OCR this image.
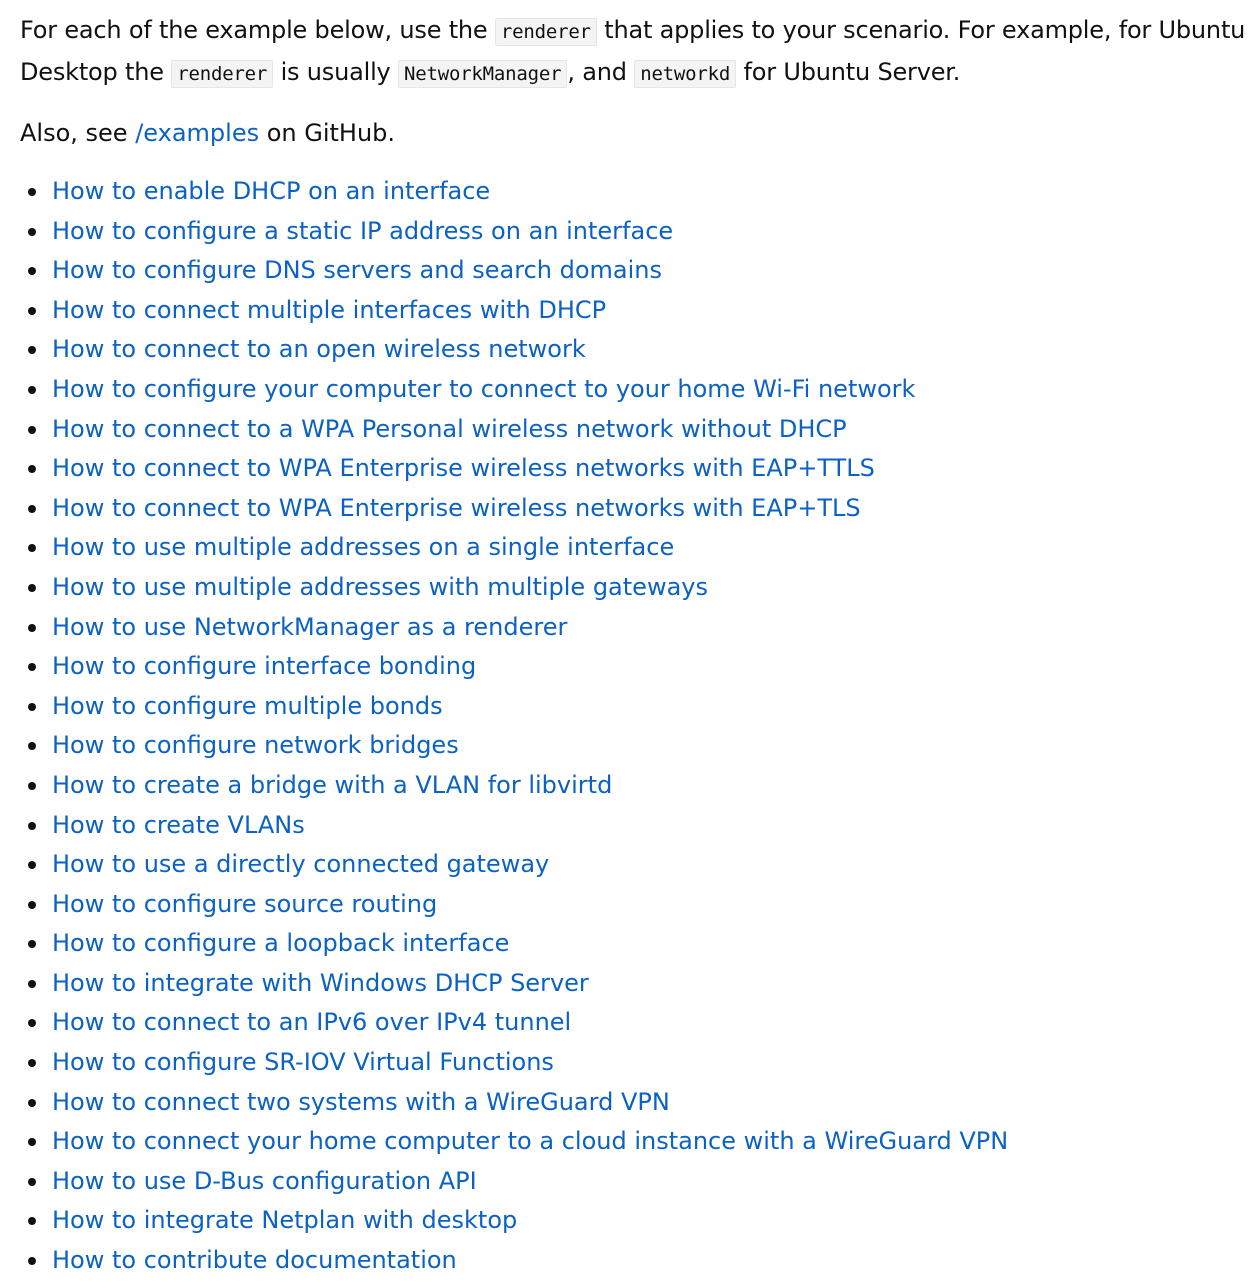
For each of the example below, use the renderer that applies to your scenario. For example, for Ubuntu
Desktop the renderer is usually NetworkManager , and networkd for Ubuntu Server.

Also, see /examples on GitHub.

How to enable DHCP on an interface
How to configure a static IP address on an interface
How to configure DNS servers and search domains
How to connect multiple interfaces with DHCP
How to connect to an open wireless network
How to configure your computer to connect to your home Wi-Fi network
How to connect to a WPA Personal wireless network without DHCP
How to connect to WPA Enterprise wireless networks with EAP+TTLS
How to connect to WPA Enterprise wireless networks with EAP+TLS
How to use multiple addresses on a single interface
How to use multiple addresses with multiple gateways
How to use NetworkManager as a renderer
How to configure interface bonding
How to configure multiple bonds
How to configure network bridges
How to create a bridge with a VLAN for libvirtd
How to create VLANs
How to use a directly connected gateway
How to configure source routing
How to configure a loopback interface
How to integrate with Windows DHCP Server
How to connect to an IPv6 over IPv4 tunnel
How to configure SR-IOV Virtual Functions
How to connect two systems with a WireGuard VPN
How to connect your home computer to a cloud instance with a WireGuard VPN
How to use D-Bus configuration API
How to integrate Netplan with desktop
How to contribute documentation
